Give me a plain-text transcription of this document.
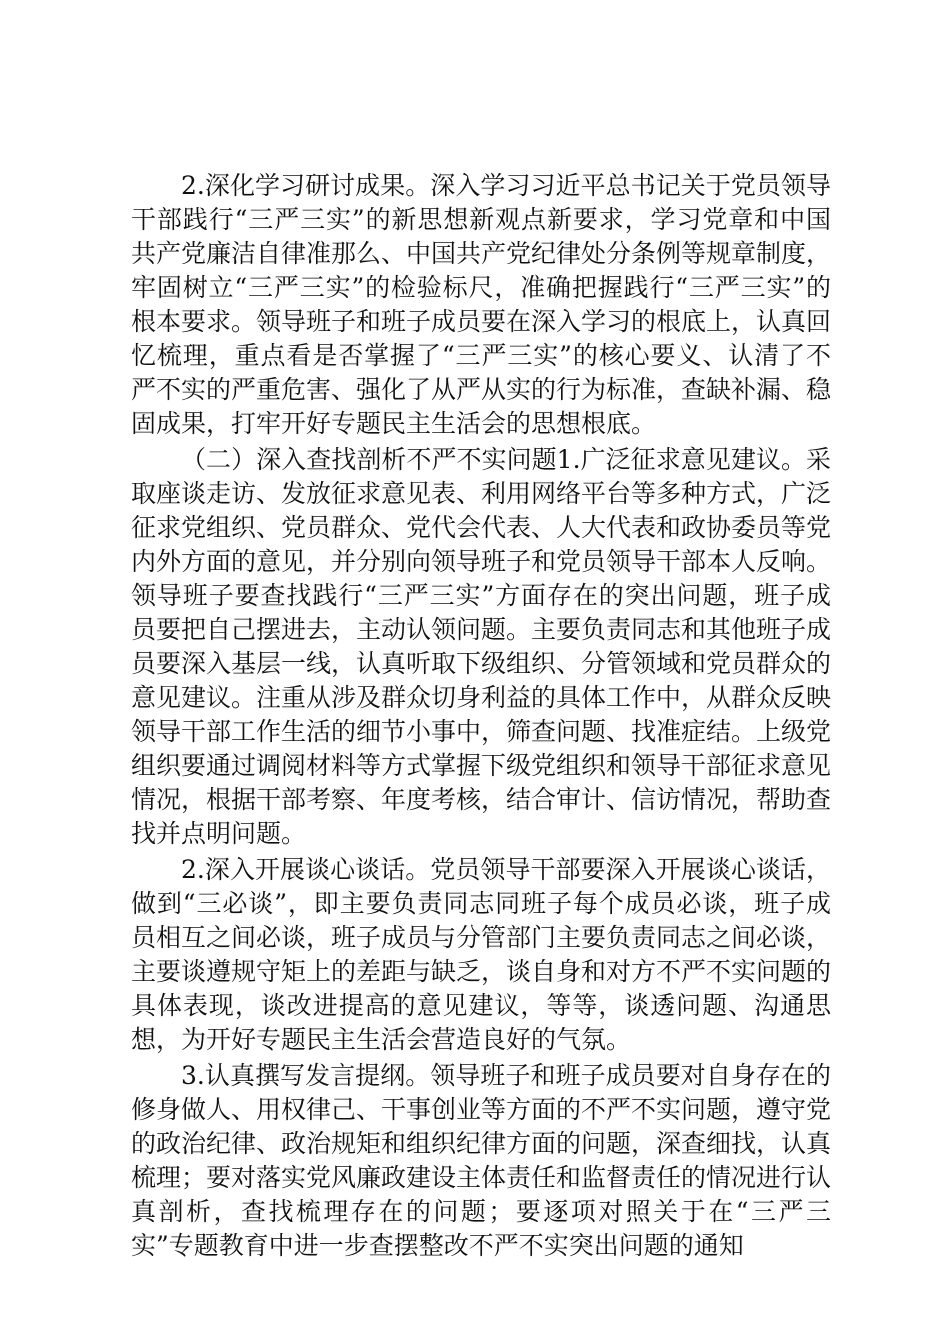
2.深化学习研讨成果。深入学习习近平总书记关于党员领导干部践行“三严三实”的新思想新观点新要求，学习党章和中国共产党廉洁自律准那么、中国共产党纪律处分条例等规章制度，牢固树立“三严三实”的检验标尺，准确把握践行“三严三实”的根本要求。领导班子和班子成员要在深入学习的根底上，认真回忆梳理，重点看是否掌握了“三严三实”的核心要义、认清了不严不实的严重危害、强化了从严从实的行为标准，查缺补漏、稳固成果，打牢开好专题民主生活会的思想根底。

（二）深入查找剖析不严不实问题1.广泛征求意见建议。采取座谈走访、发放征求意见表、利用网络平台等多种方式，广泛征求党组织、党员群众、党代会代表、人大代表和政协委员等党内外方面的意见，并分别向领导班子和党员领导干部本人反响。领导班子要查找践行“三严三实”方面存在的突出问题，班子成员要把自己摆进去，主动认领问题。主要负责同志和其他班子成员要深入基层一线，认真听取下级组织、分管领域和党员群众的意见建议。注重从涉及群众切身利益的具体工作中，从群众反映领导干部工作生活的细节小事中，筛查问题、找准症结。上级党组织要通过调阅材料等方式掌握下级党组织和领导干部征求意见情况，根据干部考察、年度考核，结合审计、信访情况，帮助查找并点明问题。

2.深入开展谈心谈话。党员领导干部要深入开展谈心谈话，做到“三必谈”，即主要负责同志同班子每个成员必谈，班子成员相互之间必谈，班子成员与分管部门主要负责同志之间必谈，主要谈遵规守矩上的差距与缺乏，谈自身和对方不严不实问题的具体表现，谈改进提高的意见建议，等等，谈透问题、沟通思想，为开好专题民主生活会营造良好的气氛。

3.认真撰写发言提纲。领导班子和班子成员要对自身存在的修身做人、用权律己、干事创业等方面的不严不实问题，遵守党的政治纪律、政治规矩和组织纪律方面的问题，深查细找，认真梳理；要对落实党风廉政建设主体责任和监督责任的情况进行认真剖析，查找梳理存在的问题；要逐项对照关于在“三严三实”专题教育中进一步查摆整改不严不实突出问题的通知
